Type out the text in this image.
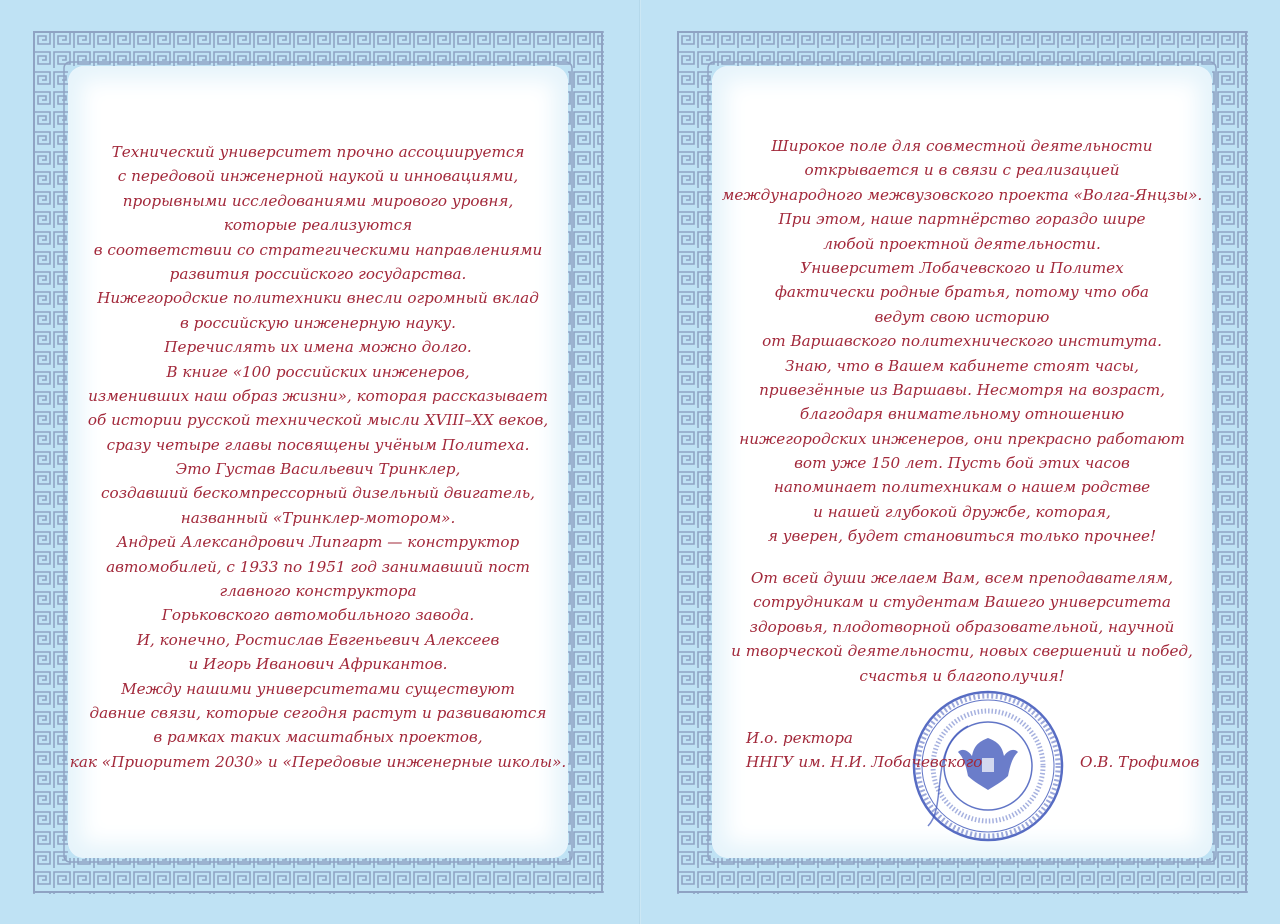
Технический университет прочно ассоциируется
с передовой инженерной наукой и инновациями,
прорывными исследованиями мирового уровня,
которые реализуются
в соответствии со стратегическими направлениями
развития российского государства.
Нижегородские политехники внесли огромный вклад
в российскую инженерную науку.
Перечислять их имена можно долго.
В книге «100 российских инженеров,
изменивших наш образ жизни», которая рассказывает
об истории русской технической мысли XVIII–XX веков,
сразу четыре главы посвящены учёным Политеха.
Это Густав Васильевич Тринклер,
создавший бескомпрессорный дизельный двигатель,
названный «Тринклер-мотором».
Андрей Александрович Липгарт — конструктор
автомобилей, с 1933 по 1951 год занимавший пост
главного конструктора
Горьковского автомобильного завода.
И, конечно, Ростислав Евгеньевич Алексеев
и Игорь Иванович Африкантов.
Между нашими университетами существуют
давние связи, которые сегодня растут и развиваются
в рамках таких масштабных проектов,
как «Приоритет 2030» и «Передовые инженерные школы».
Широкое поле для совместной деятельности
открывается и в связи с реализацией
международного межвузовского проекта «Волга-Янцзы».
При этом, наше партнёрство гораздо шире
любой проектной деятельности.
Университет Лобачевского и Политех
фактически родные братья, потому что оба
ведут свою историю
от Варшавского политехнического института.
Знаю, что в Вашем кабинете стоят часы,
привезённые из Варшавы. Несмотря на возраст,
благодаря внимательному отношению
нижегородских инженеров, они прекрасно работают
вот уже 150 лет. Пусть бой этих часов
напоминает политехникам о нашем родстве
и нашей глубокой дружбе, которая,
я уверен, будет становиться только прочнее!
От всей души желаем Вам, всем преподавателям,
сотрудникам и студентам Вашего университета
здоровья, плодотворной образовательной, научной
и творческой деятельности, новых свершений и побед,
счастья и благополучия!
И.о. ректора
ННГУ им. Н.И. Лобачевского	О.В. Трофимов
